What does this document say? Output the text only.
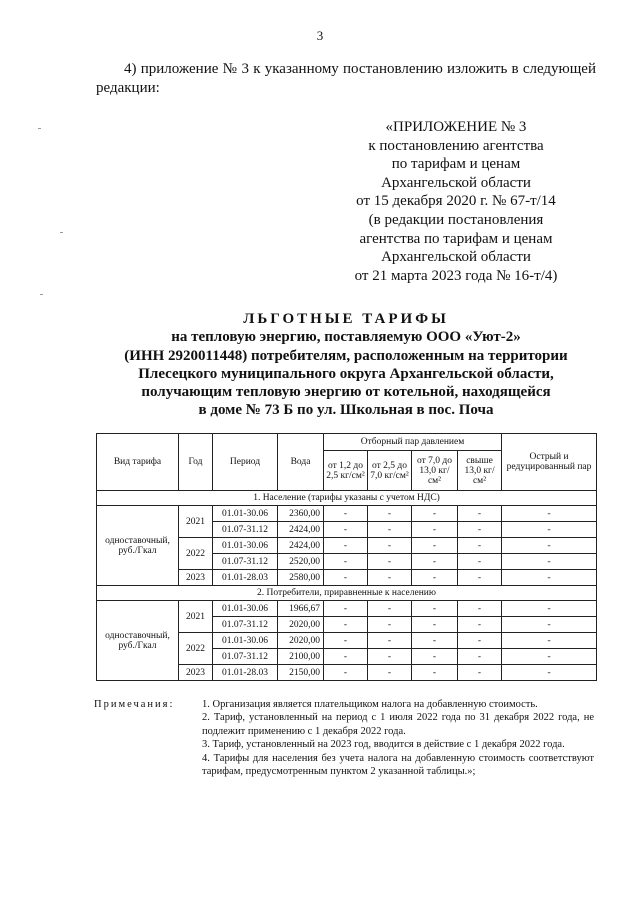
3
4) приложение № 3 к указанному постановлению изложить в следующей редакции:
«ПРИЛОЖЕНИЕ № 3
к постановлению агентства
по тарифам и ценам
Архангельской области
от 15 декабря 2020 г. № 67-т/14
(в редакции постановления
агентства по тарифам и ценам
Архангельской области
от 21 марта 2023 года № 16-т/4)
ЛЬГОТНЫЕ ТАРИФЫ
на тепловую энергию, поставляемую ООО «Уют-2»
(ИНН 2920011448) потребителям, расположенным на территории
Плесецкого муниципального округа Архангельской области,
получающим тепловую энергию от котельной, находящейся
в доме № 73 Б по ул. Школьная в пос. Поча
Вид тарифа	Год	Период	Вода	Отборный пар давлением				Острый и редуцированный пар
				от 1,2 до 2,5 кг/см²	от 2,5 до 7,0 кг/см²	от 7,0 до 13,0 кг/см²	свыше 13,0 кг/см²	
1. Население (тарифы указаны с учетом НДС)								
одноставочный, руб./Гкал	2021	01.01-30.06	2360,00	-	-	-	-	-
		01.07-31.12	2424,00	-	-	-	-	-
	2022	01.01-30.06	2424,00	-	-	-	-	-
		01.07-31.12	2520,00	-	-	-	-	-
	2023	01.01-28.03	2580,00	-	-	-	-	-
2. Потребители, приравненные к населению								
одноставочный, руб./Гкал	2021	01.01-30.06	1966,67	-	-	-	-	-
		01.07-31.12	2020,00	-	-	-	-	-
	2022	01.01-30.06	2020,00	-	-	-	-	-
		01.07-31.12	2100,00	-	-	-	-	-
	2023	01.01-28.03	2150,00	-	-	-	-	-
Примечания:	1. Организация является плательщиком налога на добавленную стоимость.
2. Тариф, установленный на период с 1 июля 2022 года по 31 декабря 2022 года, не подлежит применению с 1 декабря 2022 года.
3. Тариф, установленный на 2023 год, вводится в действие с 1 декабря 2022 года.
4. Тарифы для населения без учета налога на добавленную стоимость соответствуют тарифам, предусмотренным пунктом 2 указанной таблицы.»;
